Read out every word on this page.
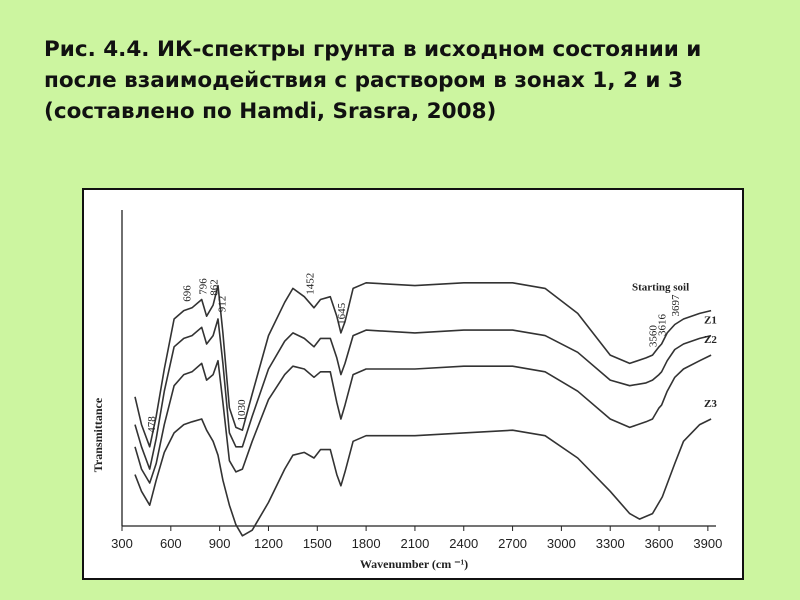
Рис. 4.4. ИК-спектры грунта в исходном состоянии и
после взаимодействия с раствором в зонах 1, 2 и 3
(составлено по Hamdi, Srasra, 2008)
300 600 900 1200 1500 1800 2100 2400 2700 3000 3300 3600 3900
478
696 796
912
862
1030
1452
1645
3560
3616
3697
Starting soil
Z1
Z2
Z3
Wavenumber (cm ⁻¹)
Transmittance
